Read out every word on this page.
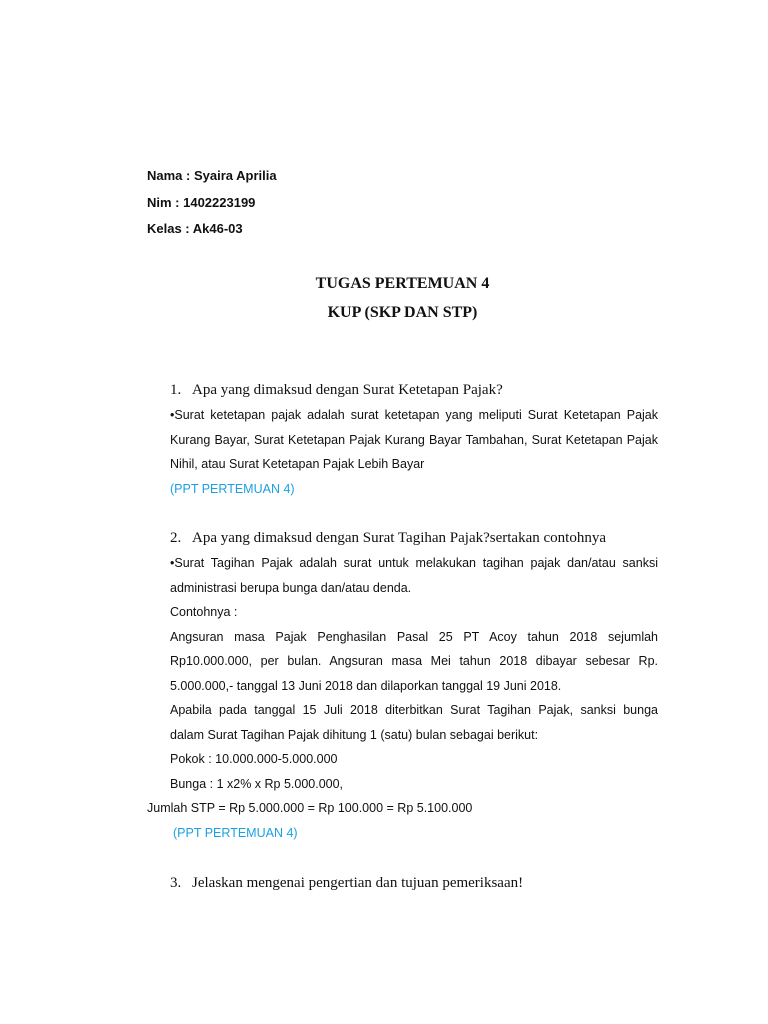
Nama : Syaira Aprilia
Nim : 1402223199
Kelas : Ak46-03
TUGAS PERTEMUAN 4
KUP (SKP DAN STP)
1. Apa yang dimaksud dengan Surat Ketetapan Pajak?
•Surat ketetapan pajak adalah surat ketetapan yang meliputi Surat Ketetapan Pajak
Kurang Bayar, Surat Ketetapan Pajak Kurang Bayar Tambahan, Surat Ketetapan Pajak
Nihil, atau Surat Ketetapan Pajak Lebih Bayar
(PPT PERTEMUAN 4)
2. Apa yang dimaksud dengan Surat Tagihan Pajak?sertakan contohnya
•Surat Tagihan Pajak adalah surat untuk melakukan tagihan pajak dan/atau sanksi
administrasi berupa bunga dan/atau denda.
Contohnya :
Angsuran masa Pajak Penghasilan Pasal 25 PT Acoy tahun 2018 sejumlah
Rp10.000.000, per bulan. Angsuran masa Mei tahun 2018 dibayar sebesar Rp.
5.000.000,- tanggal 13 Juni 2018 dan dilaporkan tanggal 19 Juni 2018.
Apabila pada tanggal 15 Juli 2018 diterbitkan Surat Tagihan Pajak, sanksi bunga
dalam Surat Tagihan Pajak dihitung 1 (satu) bulan sebagai berikut:
Pokok : 10.000.000-5.000.000
Bunga : 1 x2% x Rp 5.000.000,
Jumlah STP = Rp 5.000.000 = Rp 100.000 = Rp 5.100.000
(PPT PERTEMUAN 4)
3. Jelaskan mengenai pengertian dan tujuan pemeriksaan!
